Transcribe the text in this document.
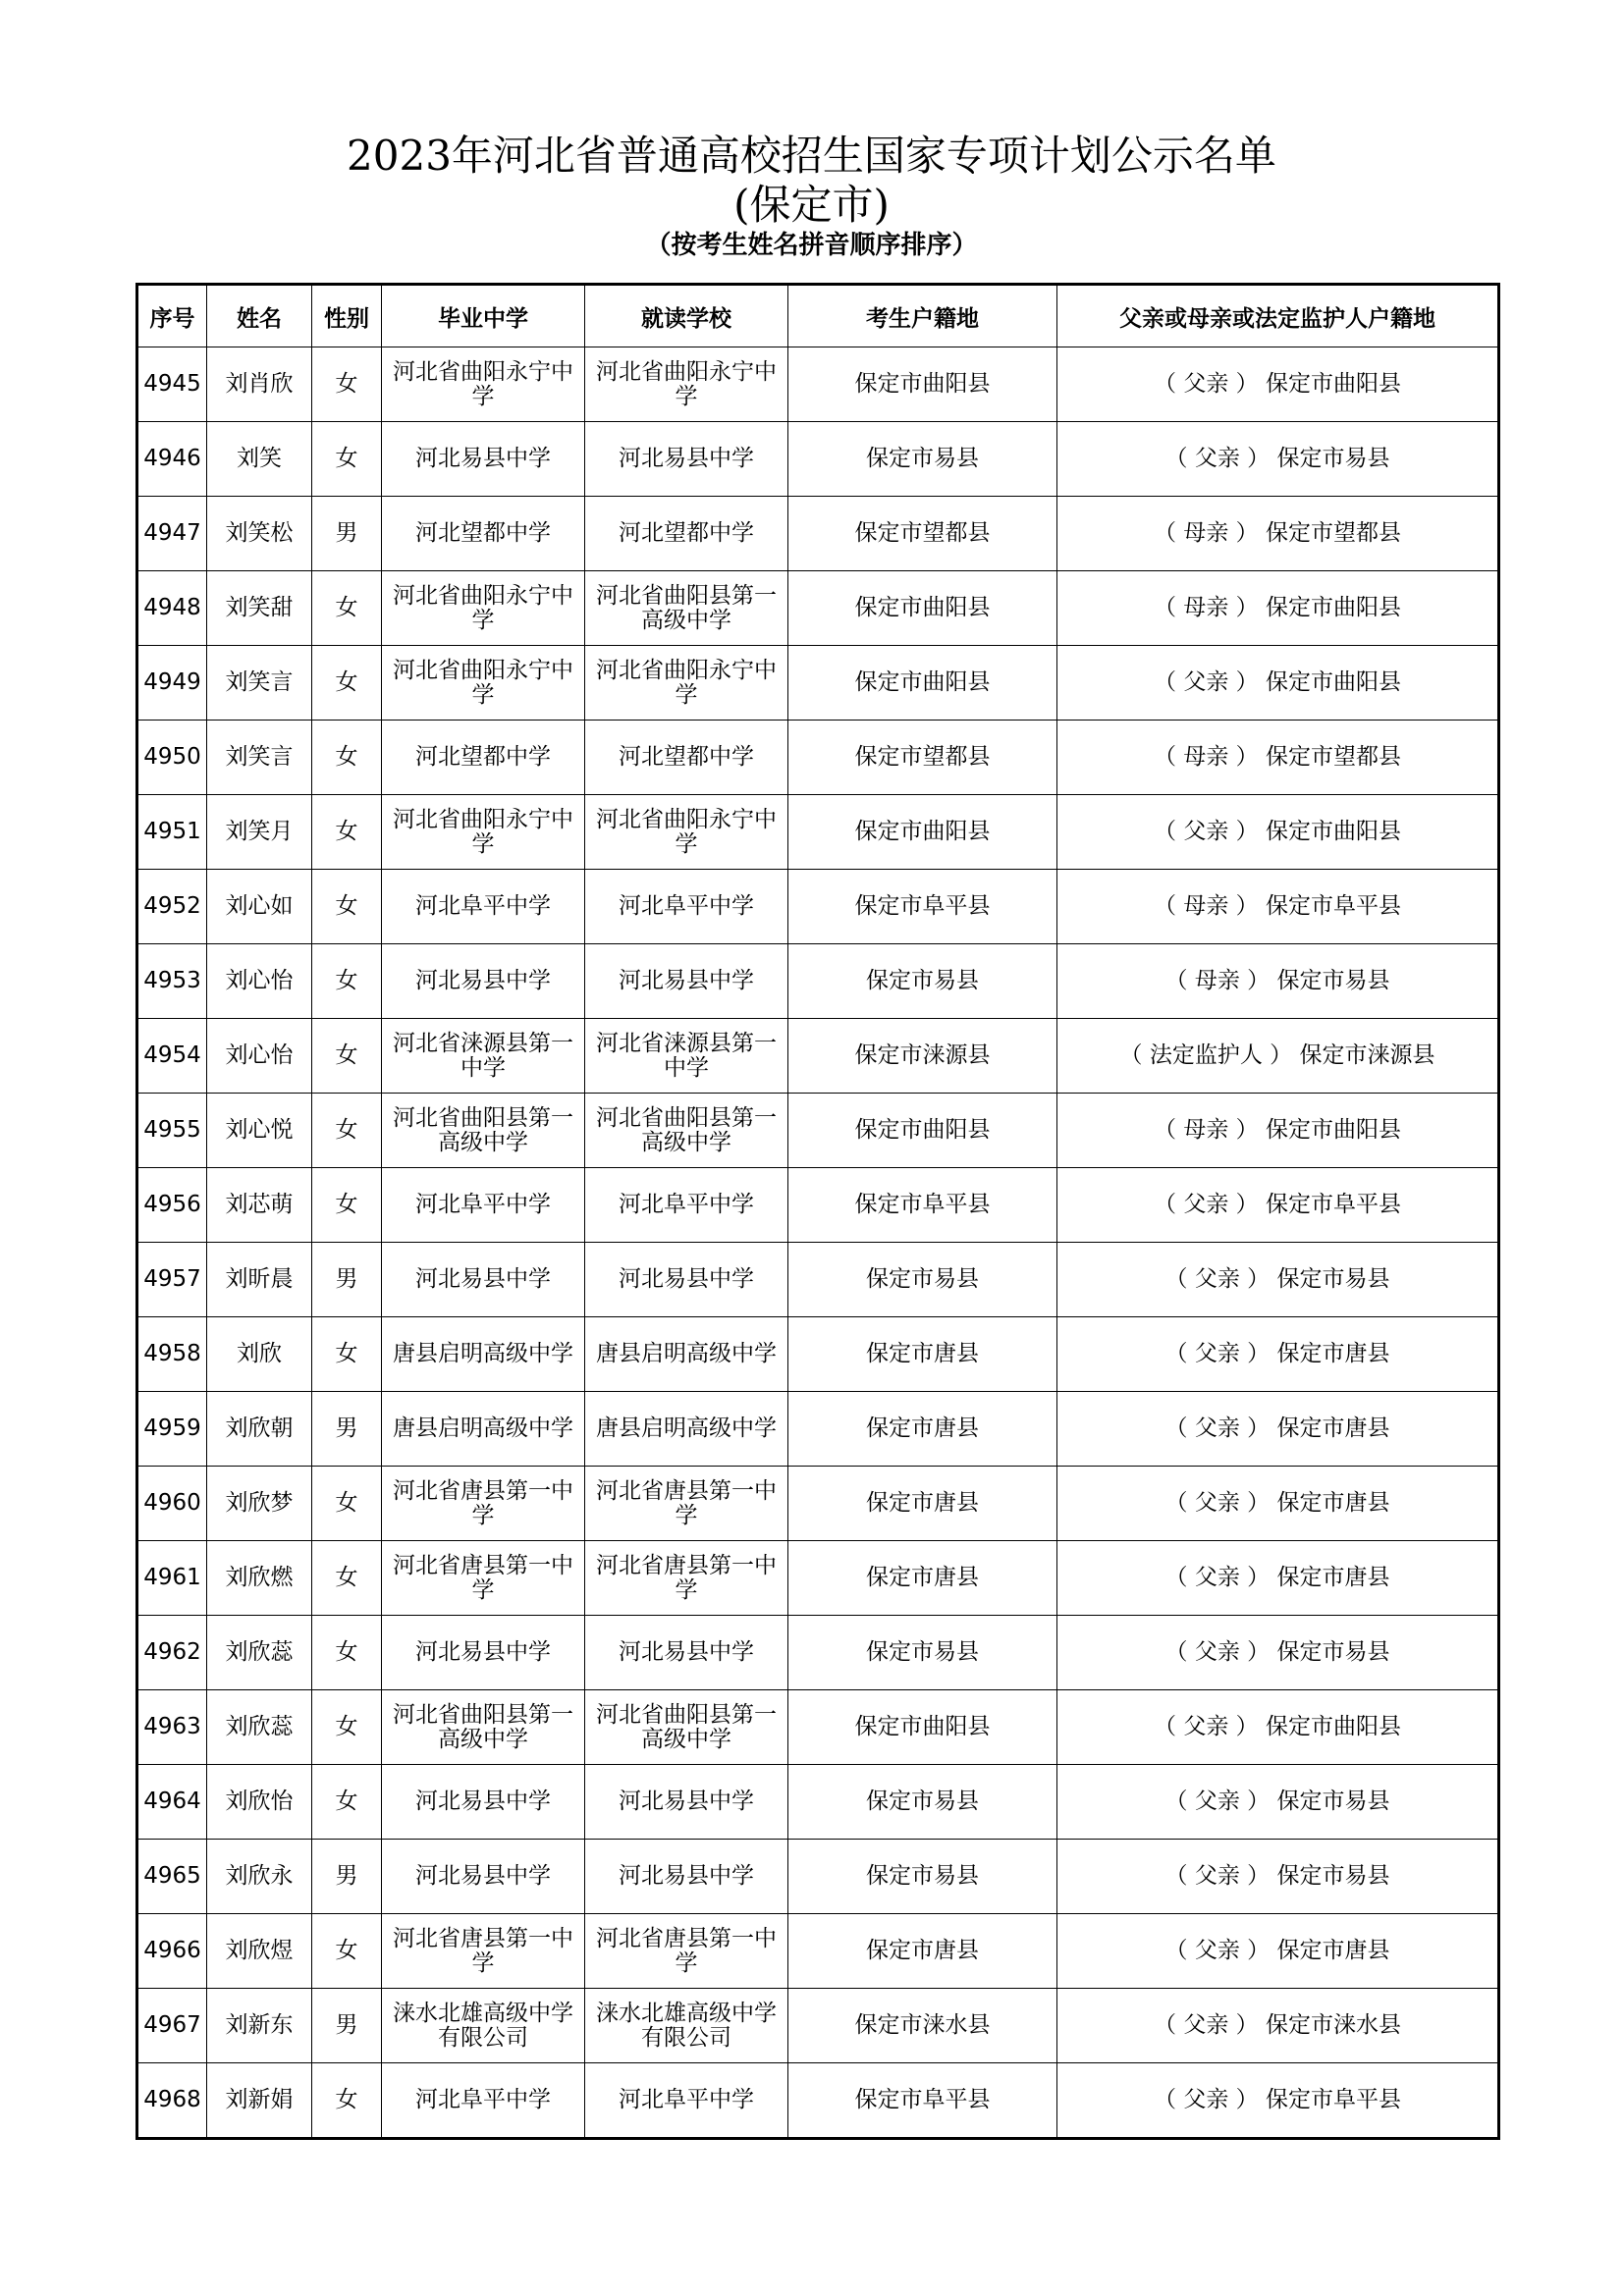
2023年河北省普通高校招生国家专项计划公示名单
(保定市)
（按考生姓名拼音顺序排序）
序号	姓名	性别	毕业中学	就读学校	考生户籍地	父亲或母亲或法定监护人户籍地
4945	刘肖欣	女	河北省曲阳永宁中学	河北省曲阳永宁中学	保定市曲阳县	（ 父亲 ） 保定市曲阳县
4946	刘笑	女	河北易县中学	河北易县中学	保定市易县	（ 父亲 ） 保定市易县
4947	刘笑松	男	河北望都中学	河北望都中学	保定市望都县	（ 母亲 ） 保定市望都县
4948	刘笑甜	女	河北省曲阳永宁中学	河北省曲阳县第一高级中学	保定市曲阳县	（ 母亲 ） 保定市曲阳县
4949	刘笑言	女	河北省曲阳永宁中学	河北省曲阳永宁中学	保定市曲阳县	（ 父亲 ） 保定市曲阳县
4950	刘笑言	女	河北望都中学	河北望都中学	保定市望都县	（ 母亲 ） 保定市望都县
4951	刘笑月	女	河北省曲阳永宁中学	河北省曲阳永宁中学	保定市曲阳县	（ 父亲 ） 保定市曲阳县
4952	刘心如	女	河北阜平中学	河北阜平中学	保定市阜平县	（ 母亲 ） 保定市阜平县
4953	刘心怡	女	河北易县中学	河北易县中学	保定市易县	（ 母亲 ） 保定市易县
4954	刘心怡	女	河北省涞源县第一中学	河北省涞源县第一中学	保定市涞源县	（ 法定监护人 ） 保定市涞源县
4955	刘心悦	女	河北省曲阳县第一高级中学	河北省曲阳县第一高级中学	保定市曲阳县	（ 母亲 ） 保定市曲阳县
4956	刘芯萌	女	河北阜平中学	河北阜平中学	保定市阜平县	（ 父亲 ） 保定市阜平县
4957	刘昕晨	男	河北易县中学	河北易县中学	保定市易县	（ 父亲 ） 保定市易县
4958	刘欣	女	唐县启明高级中学	唐县启明高级中学	保定市唐县	（ 父亲 ） 保定市唐县
4959	刘欣朝	男	唐县启明高级中学	唐县启明高级中学	保定市唐县	（ 父亲 ） 保定市唐县
4960	刘欣梦	女	河北省唐县第一中学	河北省唐县第一中学	保定市唐县	（ 父亲 ） 保定市唐县
4961	刘欣燃	女	河北省唐县第一中学	河北省唐县第一中学	保定市唐县	（ 父亲 ） 保定市唐县
4962	刘欣蕊	女	河北易县中学	河北易县中学	保定市易县	（ 父亲 ） 保定市易县
4963	刘欣蕊	女	河北省曲阳县第一高级中学	河北省曲阳县第一高级中学	保定市曲阳县	（ 父亲 ） 保定市曲阳县
4964	刘欣怡	女	河北易县中学	河北易县中学	保定市易县	（ 父亲 ） 保定市易县
4965	刘欣永	男	河北易县中学	河北易县中学	保定市易县	（ 父亲 ） 保定市易县
4966	刘欣煜	女	河北省唐县第一中学	河北省唐县第一中学	保定市唐县	（ 父亲 ） 保定市唐县
4967	刘新东	男	涞水北雄高级中学有限公司	涞水北雄高级中学有限公司	保定市涞水县	（ 父亲 ） 保定市涞水县
4968	刘新娟	女	河北阜平中学	河北阜平中学	保定市阜平县	（ 父亲 ） 保定市阜平县
